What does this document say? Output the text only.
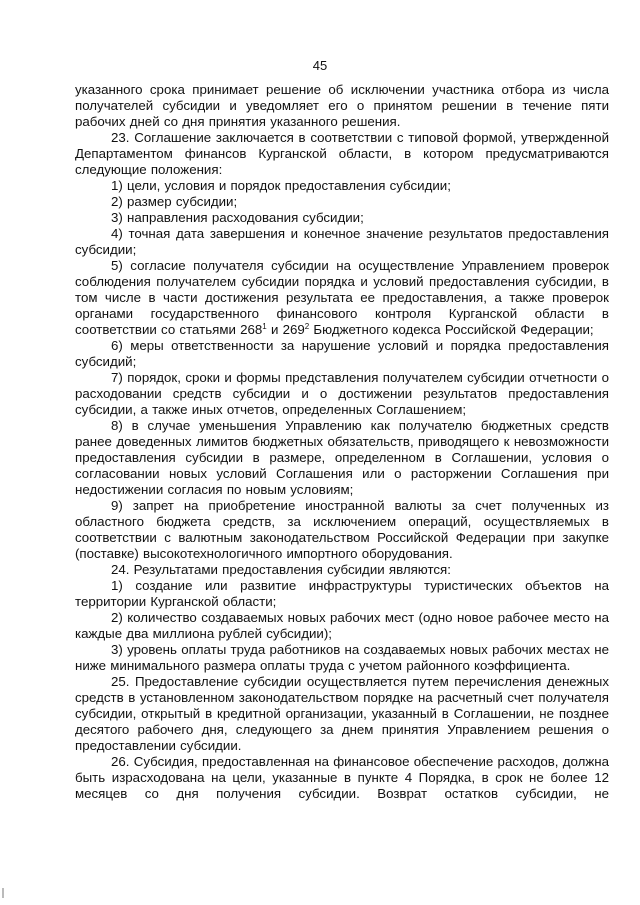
45

указанного срока принимает решение об исключении участника отбора из числа получателей субсидии и уведомляет его о принятом решении в течение пяти рабочих дней со дня принятия указанного решения.

23. Соглашение заключается в соответствии с типовой формой, утвержденной Департаментом финансов Курганской области, в котором предусматриваются следующие положения:

1) цели, условия и порядок предоставления субсидии;

2) размер субсидии;

3) направления расходования субсидии;

4) точная дата завершения и конечное значение результатов предоставления субсидии;

5) согласие получателя субсидии на осуществление Управлением проверок соблюдения получателем субсидии порядка и условий предоставления субсидии, в том числе в части достижения результата ее предоставления, а также проверок органами государственного финансового контроля Курганской области в соответствии со статьями $268^1$ и $269^2$ Бюджетного кодекса Российской Федерации;

6) меры ответственности за нарушение условий и порядка предоставления субсидий;

7) порядок, сроки и формы представления получателем субсидии отчетности о расходовании средств субсидии и о достижении результатов предоставления субсидии, а также иных отчетов, определенных Соглашением;

8) в случае уменьшения Управлению как получателю бюджетных средств ранее доведенных лимитов бюджетных обязательств, приводящего к невозможности предоставления субсидии в размере, определенном в Соглашении, условия о согласовании новых условий Соглашения или о расторжении Соглашения при недостижении согласия по новым условиям;

9) запрет на приобретение иностранной валюты за счет полученных из областного бюджета средств, за исключением операций, осуществляемых в соответствии с валютным законодательством Российской Федерации при закупке (поставке) высокотехнологичного импортного оборудования.

24. Результатами предоставления субсидии являются:

1) создание или развитие инфраструктуры туристических объектов на территории Курганской области;

2) количество создаваемых новых рабочих мест (одно новое рабочее место на каждые два миллиона рублей субсидии);

3) уровень оплаты труда работников на создаваемых новых рабочих местах не ниже минимального размера оплаты труда с учетом районного коэффициента.

25. Предоставление субсидии осуществляется путем перечисления денежных средств в установленном законодательством порядке на расчетный счет получателя субсидии, открытый в кредитной организации, указанный в Соглашении, не позднее десятого рабочего дня, следующего за днем принятия Управлением решения о предоставлении субсидии.

26. Субсидия, предоставленная на финансовое обеспечение расходов, должна быть израсходована на цели, указанные в пункте 4 Порядка, в срок не более 12 месяцев со дня получения субсидии. Возврат остатков субсидии, не
